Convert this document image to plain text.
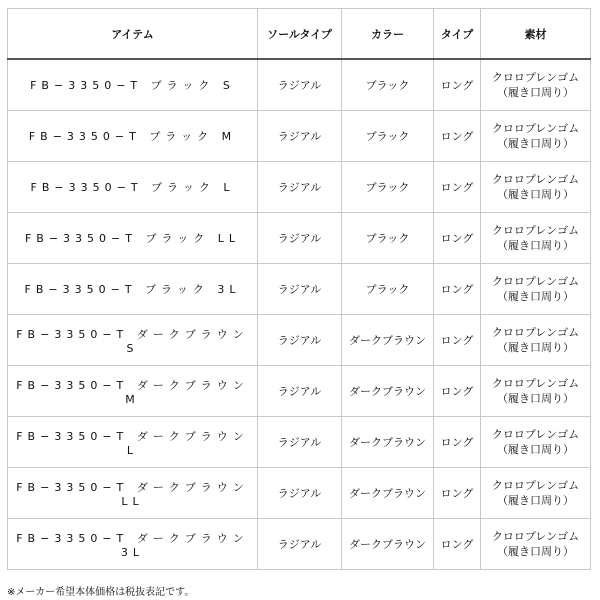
アイテム	ソールタイプ	カラー	タイプ	素材
FB−3350−T ブラック S	ラジアル	ブラック	ロング	クロロプレンゴム
（履き口周り）

FB−3350−T ブラック M	ラジアル	ブラック	ロング	クロロプレンゴム
（履き口周り）

FB−3350−T ブラック L	ラジアル	ブラック	ロング	クロロプレンゴム
（履き口周り）

FB−3350−T ブラック LL	ラジアル	ブラック	ロング	クロロプレンゴム
（履き口周り）

FB−3350−T ブラック 3L	ラジアル	ブラック	ロング	クロロプレンゴム
（履き口周り）

FB−3350−T ダークブラウン S	ラジアル	ダークブラウン	ロング	クロロプレンゴム
（履き口周り）

FB−3350−T ダークブラウン M	ラジアル	ダークブラウン	ロング	クロロプレンゴム
（履き口周り）

FB−3350−T ダークブラウン L	ラジアル	ダークブラウン	ロング	クロロプレンゴム
（履き口周り）

FB−3350−T ダークブラウン LL	ラジアル	ダークブラウン	ロング	クロロプレンゴム
（履き口周り）

FB−3350−T ダークブラウン 3L	ラジアル	ダークブラウン	ロング	クロロプレンゴム
（履き口周り）
※メーカー希望本体価格は税抜表記です。
